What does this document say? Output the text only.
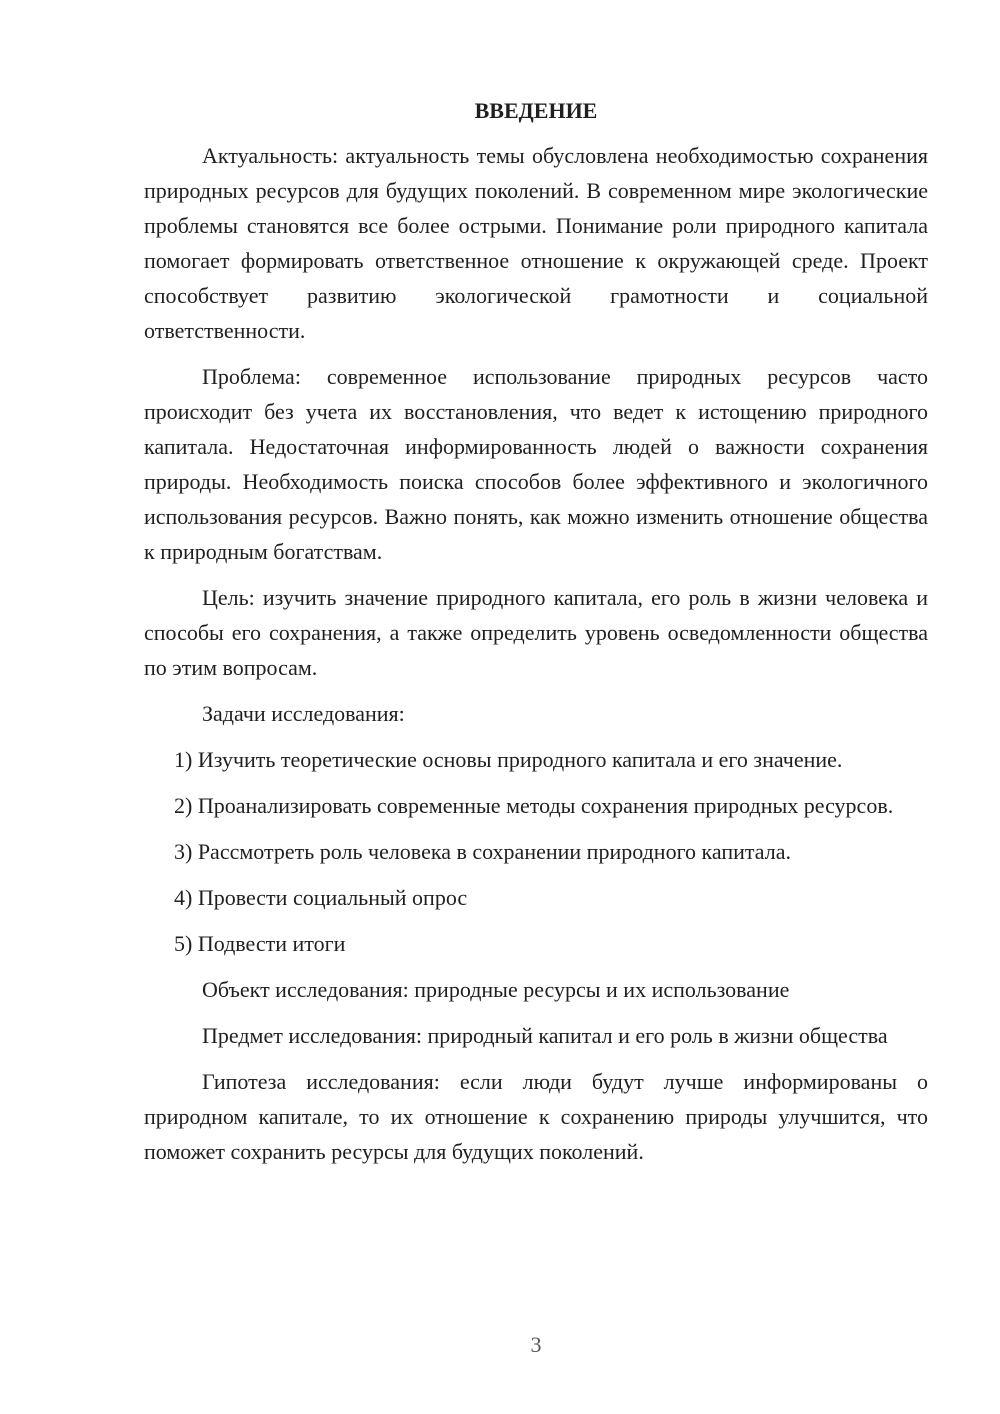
ВВЕДЕНИЕ

Актуальность: актуальность темы обусловлена необходимостью сохранения природных ресурсов для будущих поколений. В современном мире экологические проблемы становятся все более острыми. Понимание роли природного капитала помогает формировать ответственное отношение к окружающей среде. Проект способствует развитию экологической грамотности и социальной ответственности.

Проблема: современное использование природных ресурсов часто происходит без учета их восстановления, что ведет к истощению природного капитала. Недостаточная информированность людей о важности сохранения природы. Необходимость поиска способов более эффективного и экологичного использования ресурсов. Важно понять, как можно изменить отношение общества к природным богатствам.

Цель: изучить значение природного капитала, его роль в жизни человека и способы его сохранения, а также определить уровень осведомленности общества по этим вопросам.

Задачи исследования:

1) Изучить теоретические основы природного капитала и его значение.

2) Проанализировать современные методы сохранения природных ресурсов.

3) Рассмотреть роль человека в сохранении природного капитала.

4) Провести социальный опрос

5) Подвести итоги

Объект исследования: природные ресурсы и их использование

Предмет исследования: природный капитал и его роль в жизни общества

Гипотеза исследования: если люди будут лучше информированы о природном капитале, то их отношение к сохранению природы улучшится, что поможет сохранить ресурсы для будущих поколений.

3
